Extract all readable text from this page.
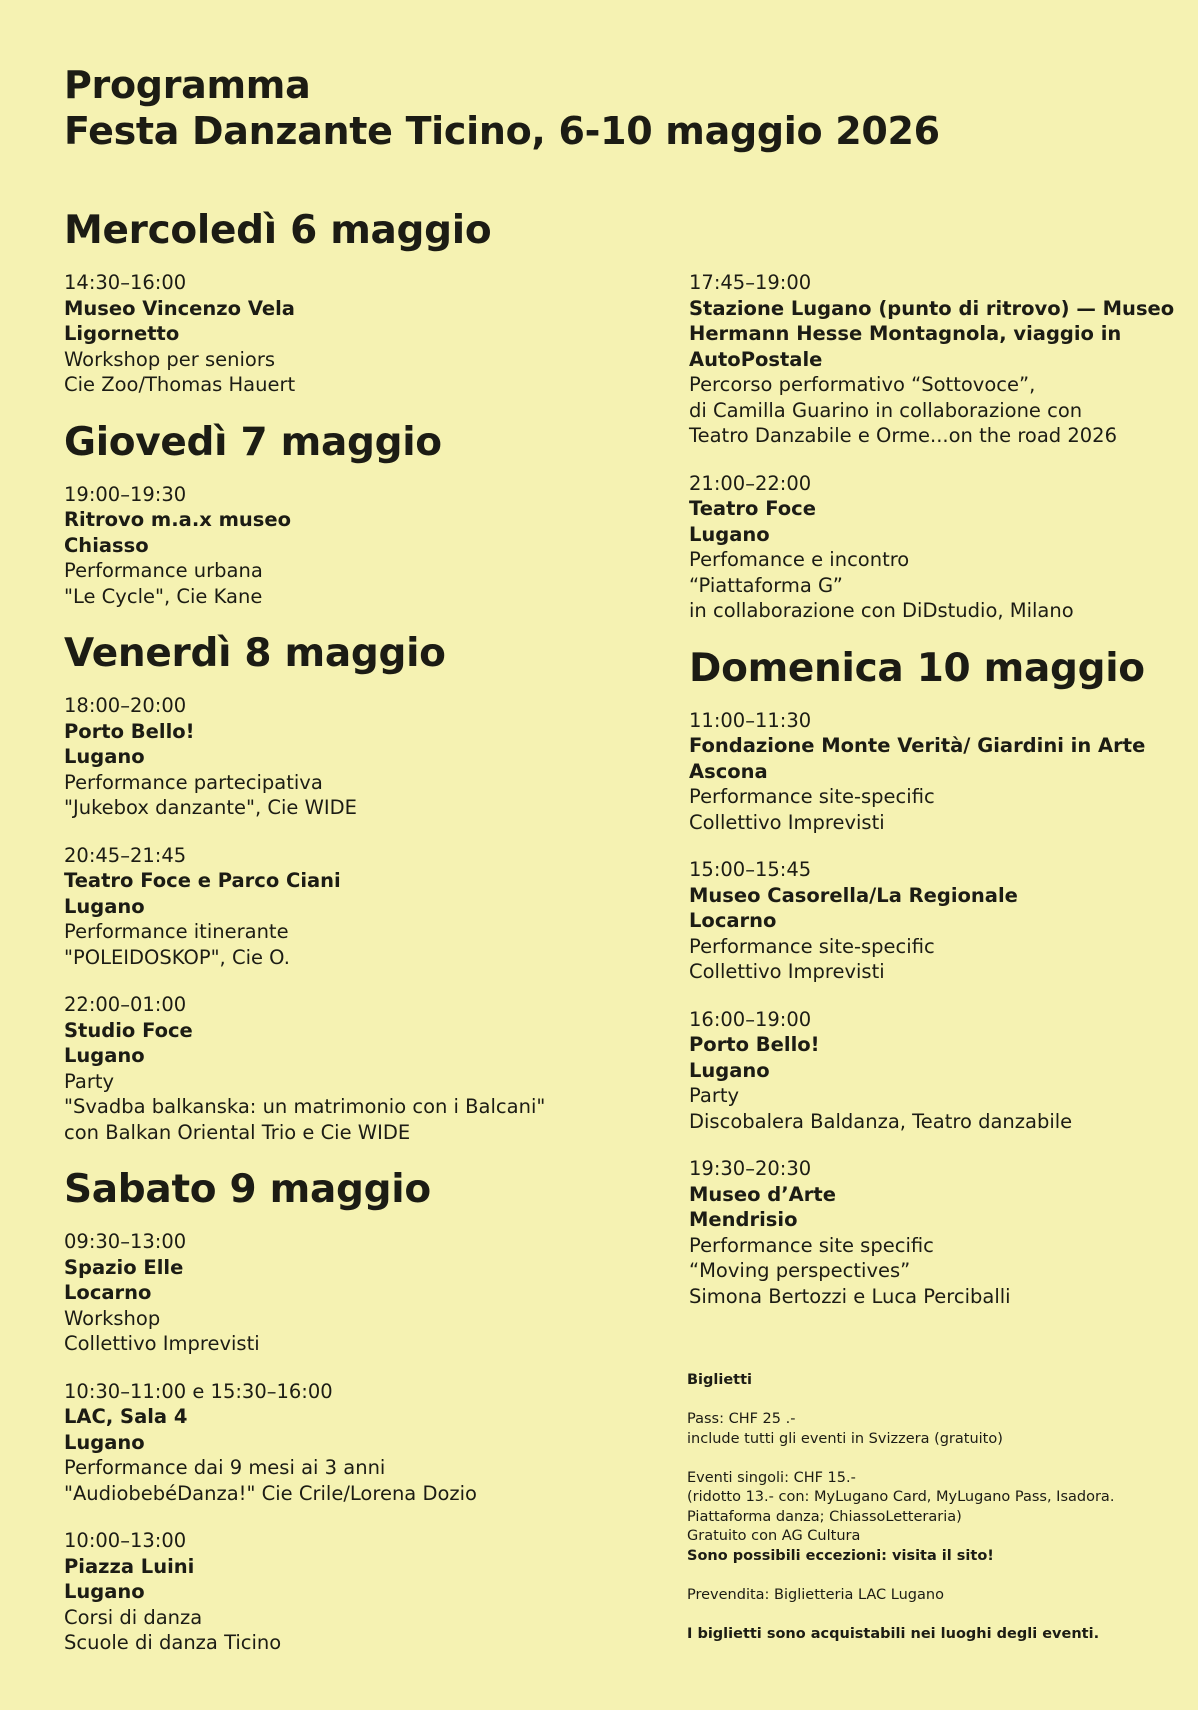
Programma
Festa Danzante Ticino, 6-10 maggio 2026
Mercoledì 6 maggio
14:30–16:00
Museo Vincenzo Vela
Ligornetto
Workshop per seniors
Cie Zoo/Thomas Hauert
Giovedì 7 maggio
19:00–19:30
Ritrovo m.a.x museo
Chiasso
Performance urbana
"Le Cycle", Cie Kane
Venerdì 8 maggio
18:00–20:00
Porto Bello!
Lugano
Performance partecipativa
"Jukebox danzante", Cie WIDE
20:45–21:45
Teatro Foce e Parco Ciani
Lugano
Performance itinerante
"POLEIDOSKOP", Cie O.
22:00–01:00
Studio Foce
Lugano
Party
"Svadba balkanska: un matrimonio con i Balcani"
con Balkan Oriental Trio e Cie WIDE
Sabato 9 maggio
09:30–13:00
Spazio Elle
Locarno
Workshop
Collettivo Imprevisti
10:30–11:00 e 15:30–16:00
LAC, Sala 4
Lugano
Performance dai 9 mesi ai 3 anni
"AudiobebéDanza!" Cie Crile/Lorena Dozio
10:00–13:00
Piazza Luini
Lugano
Corsi di danza
Scuole di danza Ticino
17:45–19:00
Stazione Lugano (punto di ritrovo) — Museo
Hermann Hesse Montagnola, viaggio in
AutoPostale
Percorso performativo “Sottovoce”,
di Camilla Guarino in collaborazione con
Teatro Danzabile e Orme...on the road 2026
21:00–22:00
Teatro Foce
Lugano
Perfomance e incontro
“Piattaforma G”
in collaborazione con DiDstudio, Milano
Domenica 10 maggio
11:00–11:30
Fondazione Monte Verità/ Giardini in Arte
Ascona
Performance site-specific
Collettivo Imprevisti
15:00–15:45
Museo Casorella/La Regionale
Locarno
Performance site-specific
Collettivo Imprevisti
16:00–19:00
Porto Bello!
Lugano
Party
Discobalera Baldanza, Teatro danzabile
19:30–20:30
Museo d’Arte
Mendrisio
Performance site specific
“Moving perspectives”
Simona Bertozzi e Luca Perciballi
Biglietti
Pass: CHF 25 .-
include tutti gli eventi in Svizzera (gratuito)
Eventi singoli: CHF 15.-
(ridotto 13.- con: MyLugano Card, MyLugano Pass, Isadora.
Piattaforma danza; ChiassoLetteraria)
Gratuito con AG Cultura
Sono possibili eccezioni: visita il sito!
Prevendita: Biglietteria LAC Lugano
I biglietti sono acquistabili nei luoghi degli eventi.
